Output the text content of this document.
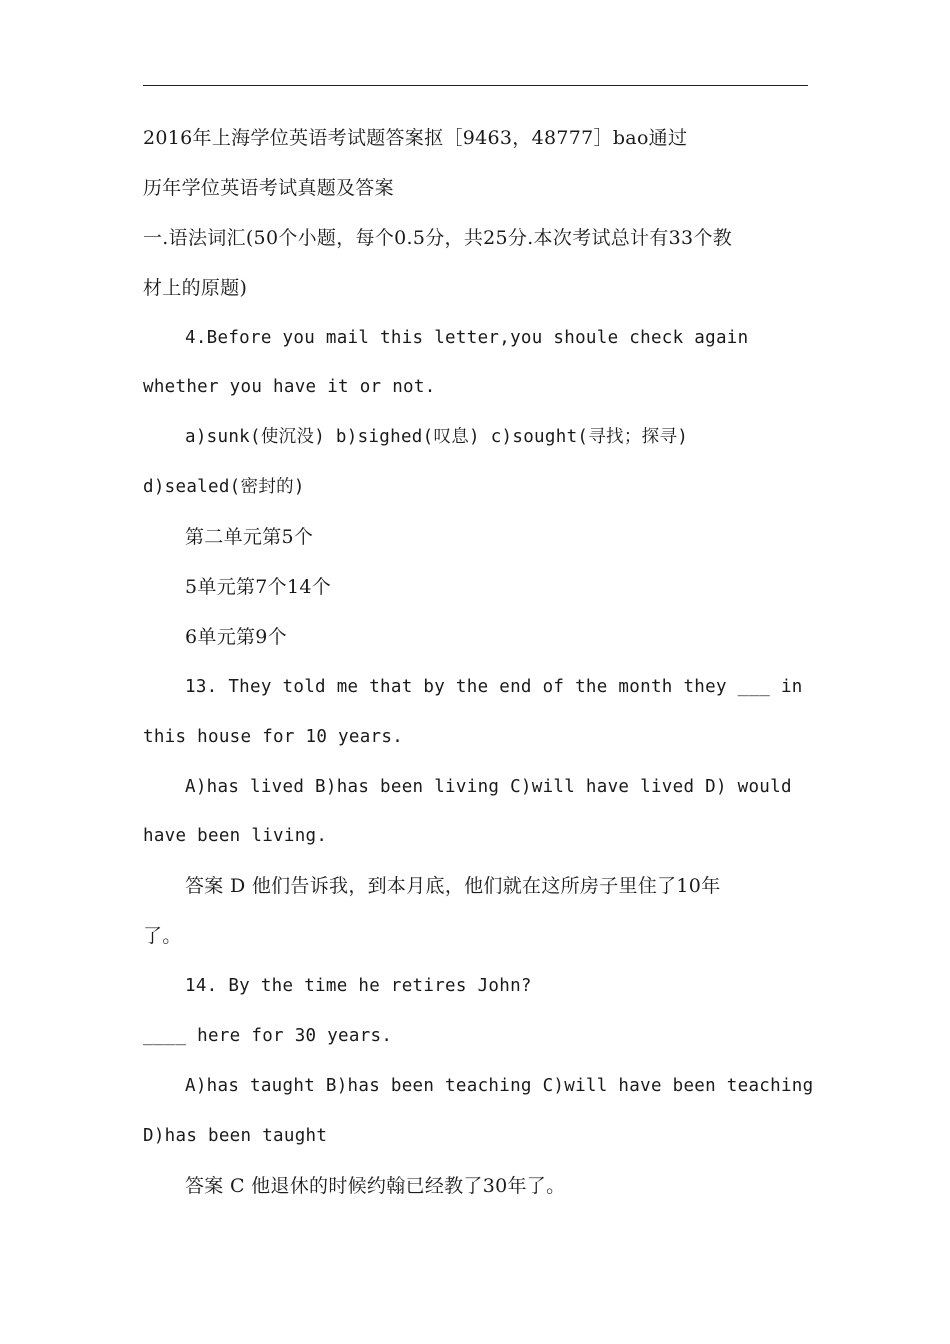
2016年上海学位英语考试题答案抠［9463，48777］bao通过
历年学位英语考试真题及答案
一.语法词汇(50个小题，每个0.5分，共25分.本次考试总计有33个教
材上的原题)
4.Before you mail this letter,you shoule check again
whether you have it or not.
a)sunk(使沉没) b)sighed(叹息) c)sought(寻找；探寻)
d)sealed(密封的)
第二单元第5个
5单元第7个14个
6单元第9个
13. They told me that by the end of the month they ___ in
this house for 10 years.
A)has lived B)has been living C)will have lived D) would
have been living.
答案 D 他们告诉我，到本月底，他们就在这所房子里住了10年
了。
14. By the time he retires John?
____ here for 30 years.
A)has taught B)has been teaching C)will have been teaching
D)has been taught
答案 C 他退休的时候约翰已经教了30年了。
